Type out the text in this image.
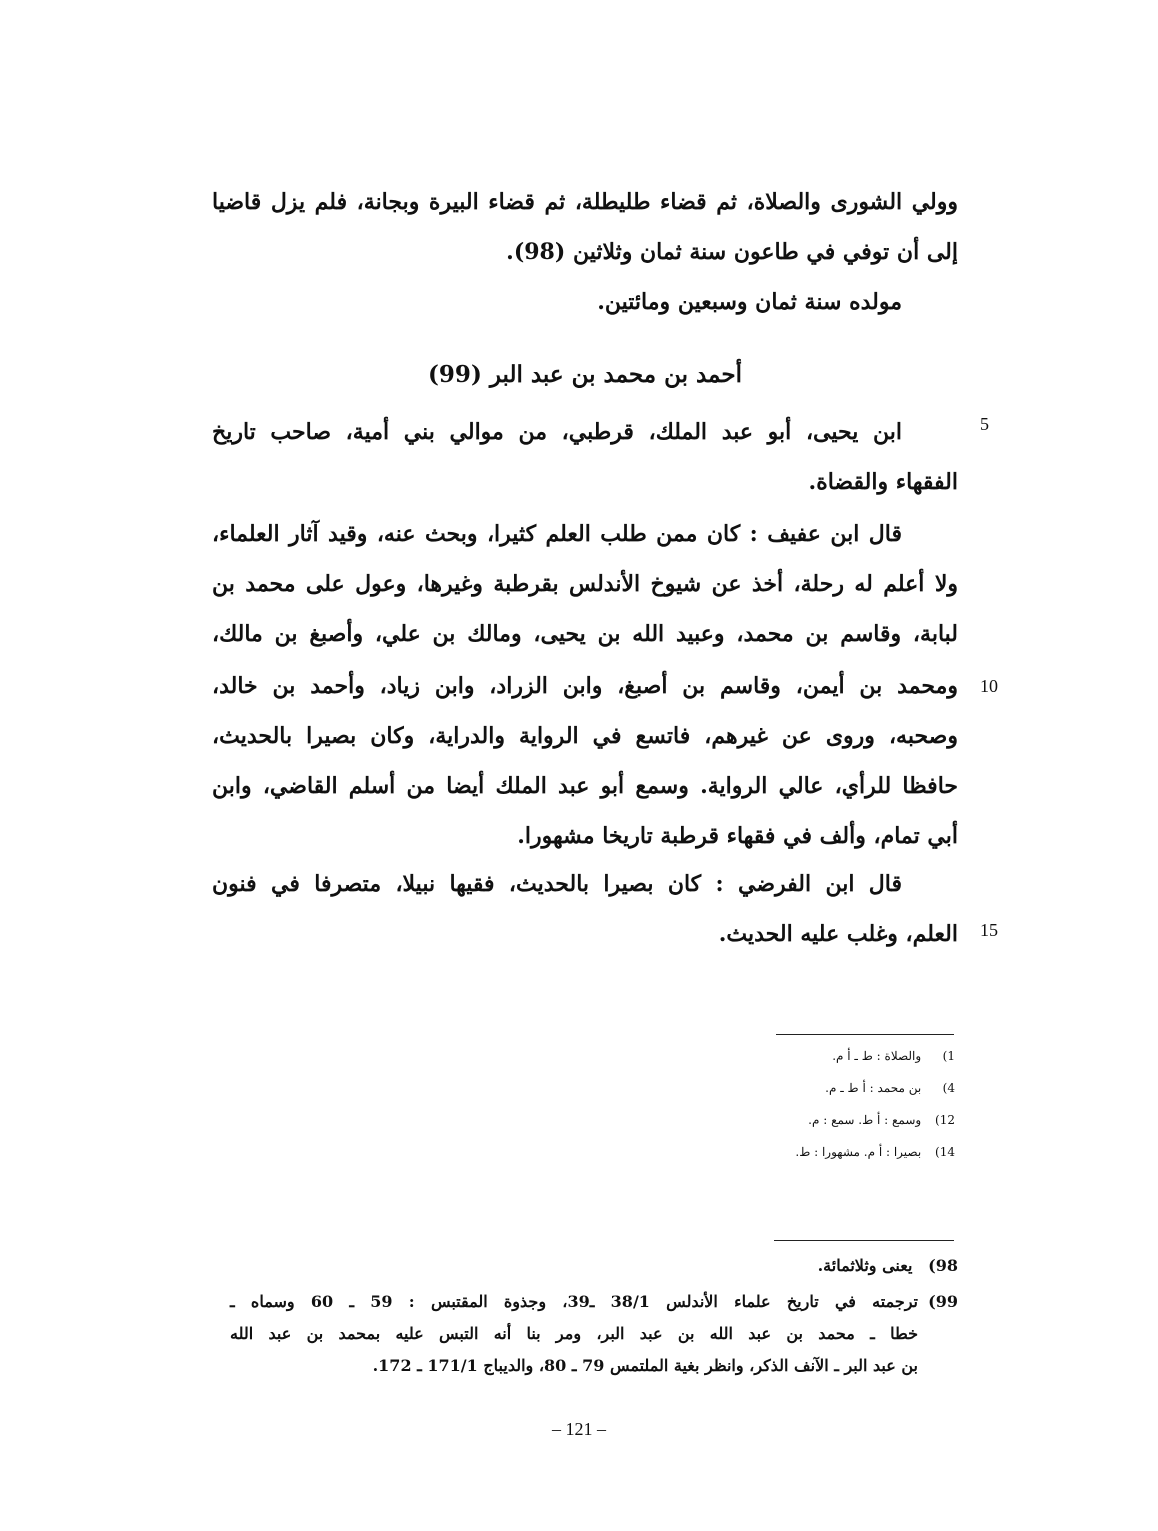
وولي الشورى والصلاة، ثم قضاء طليطلة، ثم قضاء البيرة وبجانة، فلم يزل قاضيا
إلى أن توفي في طاعون سنة ثمان وثلاثين (98).
مولده سنة ثمان وسبعين ومائتين.
أحمد بن محمد بن عبد البر (99)
5
ابن يحيى، أبو عبد الملك، قرطبي، من موالي بني أمية، صاحب تاريخ
الفقهاء والقضاة.
قال ابن عفيف : كان ممن طلب العلم كثيرا، وبحث عنه، وقيد آثار العلماء،
ولا أعلم له رحلة، أخذ عن شيوخ الأندلس بقرطبة وغيرها، وعول على محمد بن
لبابة، وقاسم بن محمد، وعبيد الله بن يحيى، ومالك بن علي، وأصبغ بن مالك،
10
ومحمد بن أيمن، وقاسم بن أصبغ، وابن الزراد، وابن زياد، وأحمد بن خالد،
وصحبه، وروى عن غيرهم، فاتسع في الرواية والدراية، وكان بصيرا بالحديث،
حافظا للرأي، عالي الرواية. وسمع أبو عبد الملك أيضا من أسلم القاضي، وابن
أبي تمام، وألف في فقهاء قرطبة تاريخا مشهورا.
قال ابن الفرضي : كان بصيرا بالحديث، فقيها نبيلا، متصرفا في فنون
15
العلم، وغلب عليه الحديث.
1) والصلاة : ط ـ أ م.
4) بن محمد : أ ط ـ م.
12) وسمع : أ ط. سمع : م.
14) بصيرا : أ م. مشهورا : ط.
98) يعنى وثلاثمائة.
99)ترجمته في تاريخ علماء الأندلس 38/1 ـ39، وجذوة المقتبس : 59 ـ 60 وسماه ـ
خطا ـ محمد بن عبد الله بن عبد البر، ومر بنا أنه التبس عليه بمحمد بن عبد الله
بن عبد البر ـ الآنف الذكر، وانظر بغية الملتمس 79 ـ 80، والديباج 171/1 ـ 172.
– 121 –
